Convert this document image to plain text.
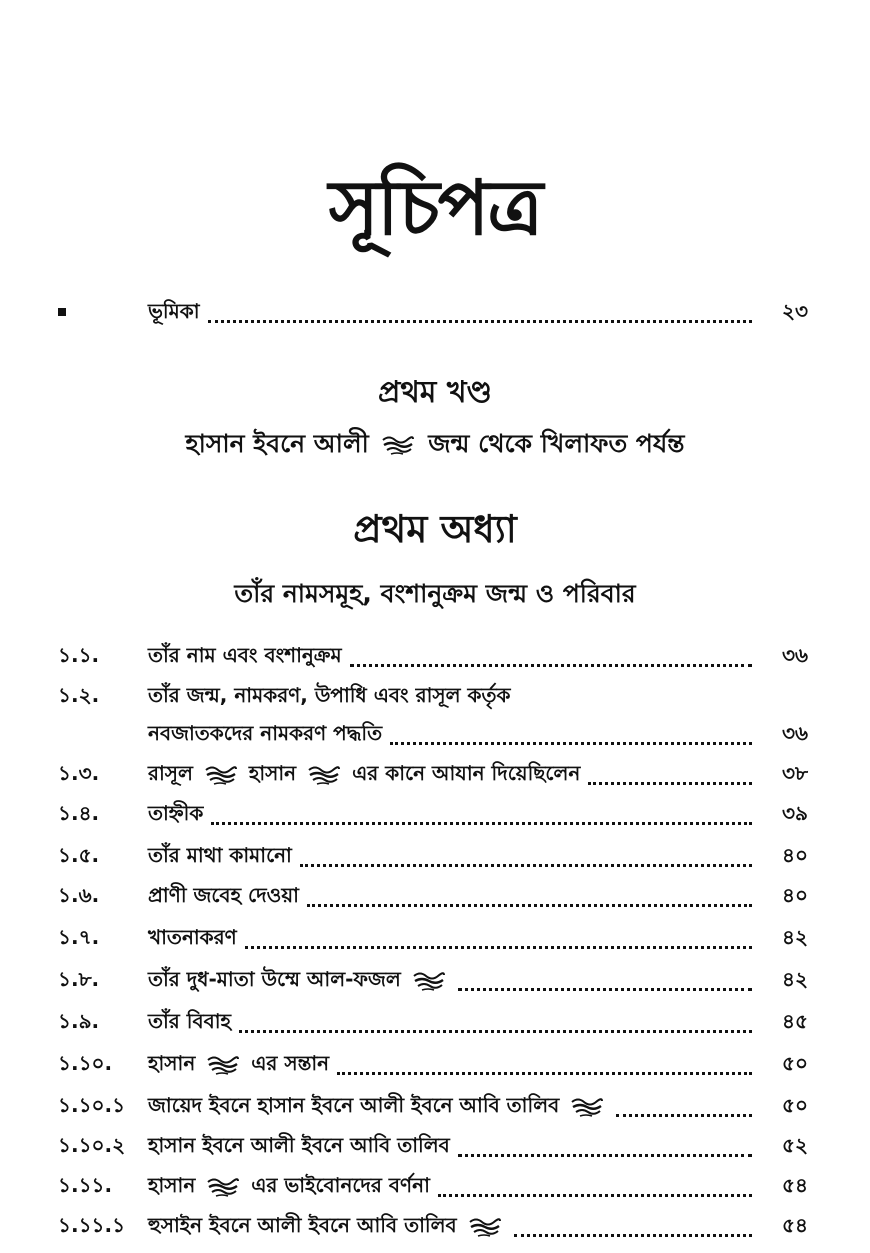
সূচিপত্র
ভূমিকা	২৩
প্রথম খণ্ড
হাসান ইবনে আলী জন্ম থেকে খিলাফত পর্যন্ত
প্রথম অধ্যা
তাঁর নামসমূহ, বংশানুক্রম জন্ম ও পরিবার
১.১.	তাঁর নাম এবং বংশানুক্রম	৩৬
১.২.	তাঁর জন্ম, নামকরণ, উপাধি এবং রাসূল কর্তৃক
নবজাতকদের নামকরণ পদ্ধতি	৩৬
১.৩.	রাসূল	হাসান	এর কানে আযান দিয়েছিলেন	৩৮
১.৪.	তাহ্নীক	৩৯
১.৫.	তাঁর মাথা কামানো	৪০
১.৬.	প্রাণী জবেহ দেওয়া	৪০
১.৭.	খাতনাকরণ	৪২
১.৮.	তাঁর দুধ-মাতা উম্মে আল-ফজল	৪২
১.৯.	তাঁর বিবাহ	৪৫
১.১০.	হাসান	এর সন্তান	৫০
১.১০.১	জায়েদ ইবনে হাসান ইবনে আলী ইবনে আবি তালিব	৫০
১.১০.২	হাসান ইবনে আলী ইবনে আবি তালিব	৫২
১.১১.	হাসান	এর ভাইবোনদের বর্ণনা	৫৪
১.১১.১	হুসাইন ইবনে আলী ইবনে আবি তালিব	৫৪
